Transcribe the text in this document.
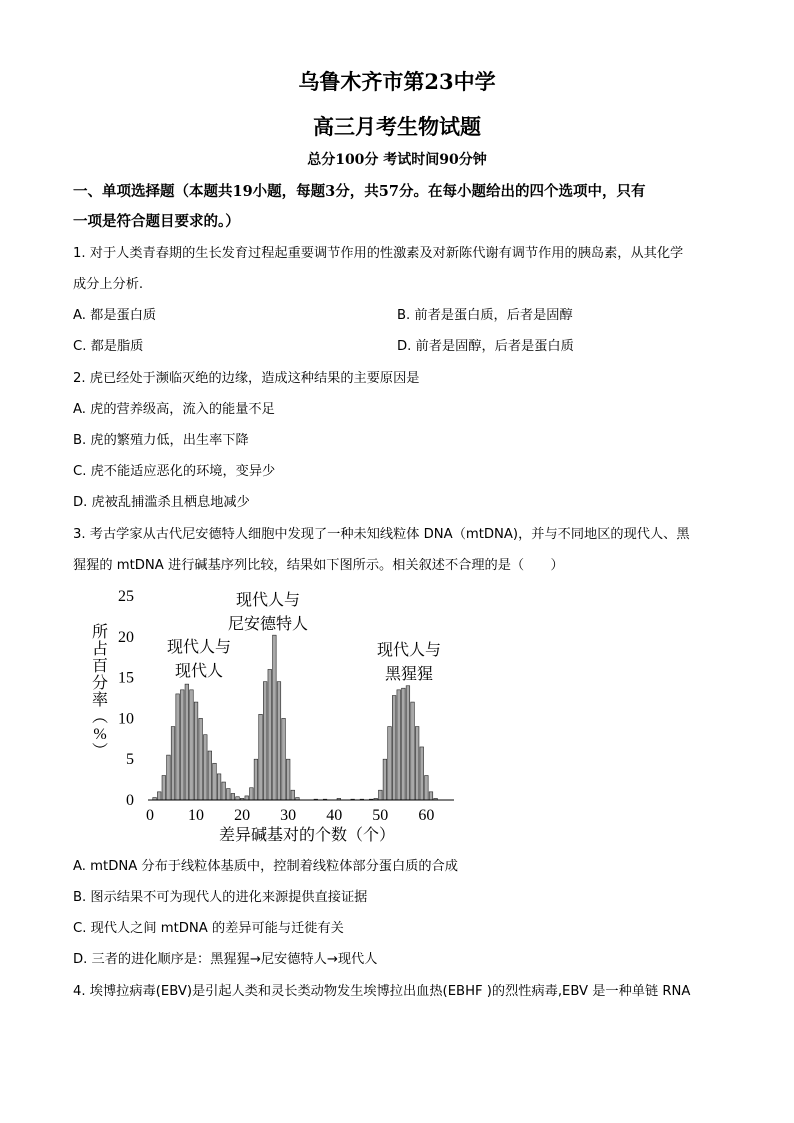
乌鲁木齐市第23中学
高三月考生物试题
总分100分 考试时间90分钟
一、单项选择题（本题共19小题，每题3分，共57分。在每小题给出的四个选项中，只有
一项是符合题目要求的。）
1. 对于人类青春期的生长发育过程起重要调节作用的性激素及对新陈代谢有调节作用的胰岛素，从其化学
成分上分析.
A. 都是蛋白质	B. 前者是蛋白质，后者是固醇
C. 都是脂质	D. 前者是固醇，后者是蛋白质
2. 虎已经处于濒临灭绝的边缘，造成这种结果的主要原因是
A. 虎的营养级高，流入的能量不足
B. 虎的繁殖力低，出生率下降
C. 虎不能适应恶化的环境，变异少
D. 虎被乱捕滥杀且栖息地减少
3. 考古学家从古代尼安德特人细胞中发现了一种未知线粒体 DNA（mtDNA)，并与不同地区的现代人、黑
猩猩的 mtDNA 进行碱基序列比较，结果如下图所示。相关叙述不合理的是（　　）
0 10 20 30 40 50 60
0
5
10
15
20
25
现代人与
现代人
现代人与
尼安德特人
现代人与
黑猩猩
差异碱基对的个数（个）
所
占
百
分
率
（
%
）
A. mtDNA 分布于线粒体基质中，控制着线粒体部分蛋白质的合成
B. 图示结果不可为现代人的进化来源提供直接证据
C. 现代人之间 mtDNA 的差异可能与迁徙有关
D. 三者的进化顺序是：黑猩猩→尼安德特人→现代人
4. 埃博拉病毒(EBV)是引起人类和灵长类动物发生埃博拉出血热(EBHF )的烈性病毒,EBV 是一种单链 RNA
